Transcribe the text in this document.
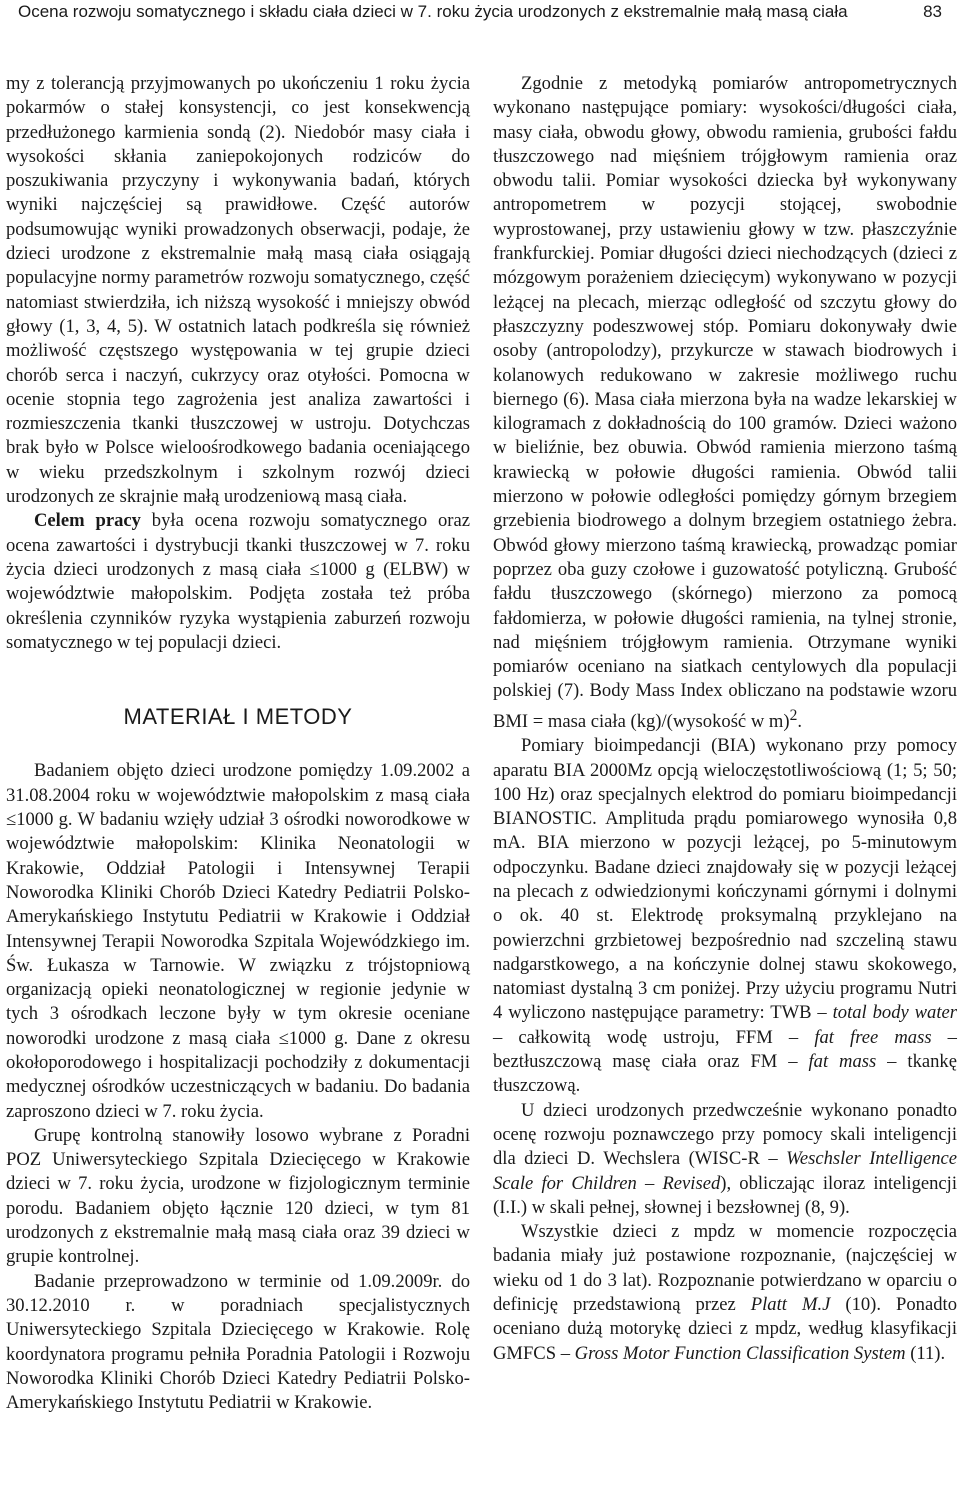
Ocena rozwoju somatycznego i składu ciała dzieci w 7. roku życia urodzonych z ekstremalnie małą masą ciała	83

my z tolerancją przyjmowanych po ukończeniu 1 roku życia pokarmów o stałej konsystencji, co jest konsekwencją przedłużonego karmienia sondą (2). Niedobór masy ciała i wysokości skłania zaniepokojonych rodziców do poszukiwania przyczyny i wykonywania badań, których wyniki najczęściej są prawidłowe. Część autorów podsumowując wyniki prowadzonych obserwacji, podaje, że dzieci urodzone z ekstremalnie małą masą ciała osiągają populacyjne normy parametrów rozwoju somatycznego, część natomiast stwierdziła, ich niższą wysokość i mniejszy obwód głowy (1, 3, 4, 5). W ostatnich latach podkreśla się również możliwość częstszego występowania w tej grupie dzieci chorób serca i naczyń, cukrzycy oraz otyłości. Pomocna w ocenie stopnia tego zagrożenia jest analiza zawartości i rozmieszczenia tkanki tłuszczowej w ustroju. Dotychczas brak było w Polsce wieloośrodkowego badania oceniającego w wieku przedszkolnym i szkolnym rozwój dzieci urodzonych ze skrajnie małą urodzeniową masą ciała.

Celem pracy była ocena rozwoju somatycznego oraz ocena zawartości i dystrybucji tkanki tłuszczowej w 7. roku życia dzieci urodzonych z masą ciała ≤1000 g (ELBW) w województwie małopolskim. Podjęta została też próba określenia czynników ryzyka wystąpienia zaburzeń rozwoju somatycznego w tej populacji dzieci.

MATERIAŁ I METODY

Badaniem objęto dzieci urodzone pomiędzy 1.09.2002 a 31.08.2004 roku w województwie małopolskim z masą ciała ≤1000 g. W badaniu wzięły udział 3 ośrodki noworodkowe w województwie małopolskim: Klinika Neonatologii w Krakowie, Oddział Patologii i Intensywnej Terapii Noworodka Kliniki Chorób Dzieci Katedry Pediatrii Polsko-Amerykańskiego Instytutu Pediatrii w Krakowie i Oddział Intensywnej Terapii Noworodka Szpitala Wojewódzkiego im. Św. Łukasza w Tarnowie. W związku z trójstopniową organizacją opieki neonatologicznej w regionie jedynie w tych 3 ośrodkach leczone były w tym okresie oceniane noworodki urodzone z masą ciała ≤1000 g. Dane z okresu okołoporodowego i hospitalizacji pochodziły z dokumentacji medycznej ośrodków uczestniczących w badaniu. Do badania zaproszono dzieci w 7. roku życia.

Grupę kontrolną stanowiły losowo wybrane z Poradni POZ Uniwersyteckiego Szpitala Dziecięcego w Krakowie dzieci w 7. roku życia, urodzone w fizjologicznym terminie porodu. Badaniem objęto łącznie 120 dzieci, w tym 81 urodzonych z ekstremalnie małą masą ciała oraz 39 dzieci w grupie kontrolnej.

Badanie przeprowadzono w terminie od 1.09.2009r. do 30.12.2010 r. w poradniach specjalistycznych Uniwersyteckiego Szpitala Dziecięcego w Krakowie. Rolę koordynatora programu pełniła Poradnia Patologii i Rozwoju Noworodka Kliniki Chorób Dzieci Katedry Pediatrii Polsko-Amerykańskiego Instytutu Pediatrii w Krakowie.

Zgodnie z metodyką pomiarów antropometrycznych wykonano następujące pomiary: wysokości/długości ciała, masy ciała, obwodu głowy, obwodu ramienia, grubości fałdu tłuszczowego nad mięśniem trójgłowym ramienia oraz obwodu talii. Pomiar wysokości dziecka był wykonywany antropometrem w pozycji stojącej, swobodnie wyprostowanej, przy ustawieniu głowy w tzw. płaszczyźnie frankfurckiej. Pomiar długości dzieci niechodzących (dzieci z mózgowym porażeniem dziecięcym) wykonywano w pozycji leżącej na plecach, mierząc odległość od szczytu głowy do płaszczyzny podeszwowej stóp. Pomiaru dokonywały dwie osoby (antropolodzy), przykurcze w stawach biodrowych i kolanowych redukowano w zakresie możliwego ruchu biernego (6). Masa ciała mierzona była na wadze lekarskiej w kilogramach z dokładnością do 100 gramów. Dzieci ważono w bieliźnie, bez obuwia. Obwód ramienia mierzono taśmą krawiecką w połowie długości ramienia. Obwód talii mierzono w połowie odległości pomiędzy górnym brzegiem grzebienia biodrowego a dolnym brzegiem ostatniego żebra. Obwód głowy mierzono taśmą krawiecką, prowadząc pomiar poprzez oba guzy czołowe i guzowatość potyliczną. Grubość fałdu tłuszczowego (skórnego) mierzono za pomocą fałdomierza, w połowie długości ramienia, na tylnej stronie, nad mięśniem trójgłowym ramienia. Otrzymane wyniki pomiarów oceniano na siatkach centylowych dla populacji polskiej (7). Body Mass Index obliczano na podstawie wzoru BMI = masa ciała (kg)/(wysokość w m)$^2$.

Pomiary bioimpedancji (BIA) wykonano przy pomocy aparatu BIA 2000Mz opcją wieloczęstotliwościową (1; 5; 50; 100 Hz) oraz specjalnych elektrod do pomiaru bioimpedancji BIANOSTIC. Amplituda prądu pomiarowego wynosiła 0,8 mA. BIA mierzono w pozycji leżącej, po 5-minutowym odpoczynku. Badane dzieci znajdowały się w pozycji leżącej na plecach z odwiedzionymi kończynami górnymi i dolnymi o ok. 40 st. Elektrodę proksymalną przyklejano na powierzchni grzbietowej bezpośrednio nad szczeliną stawu nadgarstkowego, a na kończynie dolnej stawu skokowego, natomiast dystalną 3 cm poniżej. Przy użyciu programu Nutri 4 wyliczono następujące parametry: TWB – total body water – całkowitą wodę ustroju, FFM – fat free mass – beztłuszczową masę ciała oraz FM – fat mass – tkankę tłuszczową.

U dzieci urodzonych przedwcześnie wykonano ponadto ocenę rozwoju poznawczego przy pomocy skali inteligencji dla dzieci D. Wechslera (WISC-R – Weschsler Intelligence Scale for Children – Revised), obliczając iloraz inteligencji (I.I.) w skali pełnej, słownej i bezsłownej (8, 9).

Wszystkie dzieci z mpdz w momencie rozpoczęcia badania miały już postawione rozpoznanie, (najczęściej w wieku od 1 do 3 lat). Rozpoznanie potwierdzano w oparciu o definicję przedstawioną przez Platt M.J (10). Ponadto oceniano dużą motorykę dzieci z mpdz, według klasyfikacji GMFCS – Gross Motor Function Classification System (11).
